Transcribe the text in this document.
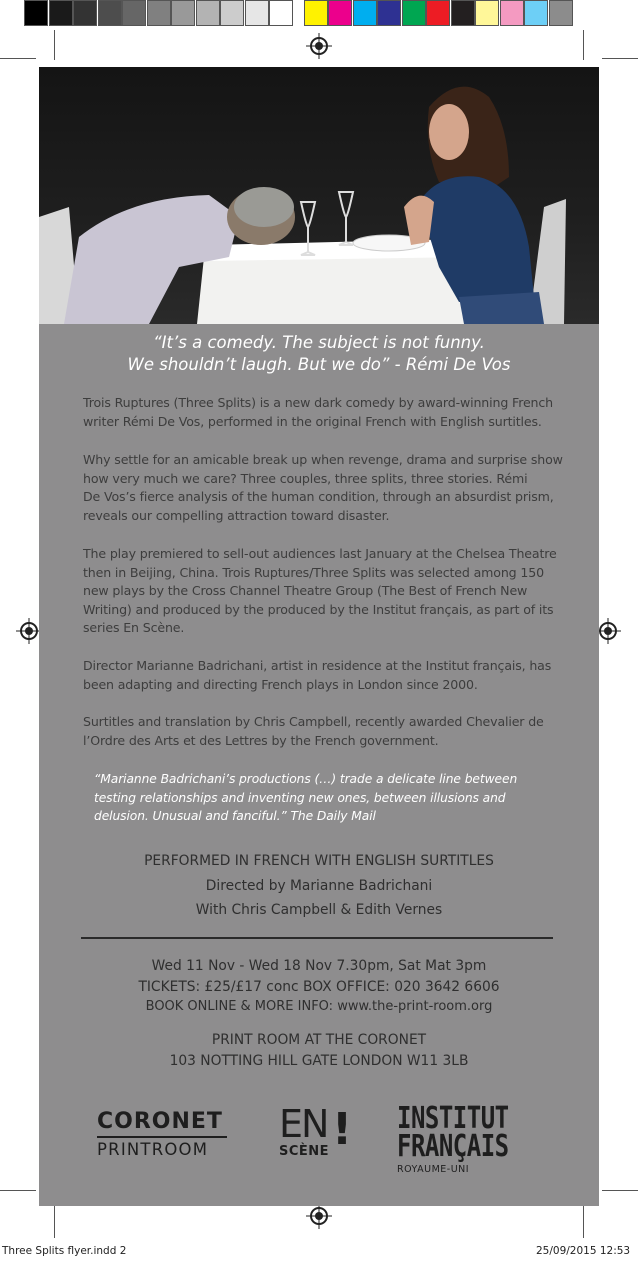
“It’s a comedy. The subject is not funny.
We shouldn’t laugh. But we do” - Rémi De Vos
Trois Ruptures (Three Splits) is a new dark comedy by award-winning French
writer Rémi De Vos, performed in the original French with English surtitles.
Why settle for an amicable break up when revenge, drama and surprise show
how very much we care? Three couples, three splits, three stories. Rémi
De Vos’s fierce analysis of the human condition, through an absurdist prism,
reveals our compelling attraction toward disaster.
The play premiered to sell-out audiences last January at the Chelsea Theatre
then in Beijing, China. Trois Ruptures/Three Splits was selected among 150
new plays by the Cross Channel Theatre Group (The Best of French New
Writing) and produced by the produced by the Institut français, as part of its
series En Scène.
Director Marianne Badrichani, artist in residence at the Institut français, has
been adapting and directing French plays in London since 2000.
Surtitles and translation by Chris Campbell, recently awarded Chevalier de
l’Ordre des Arts et des Lettres by the French government.
“Marianne Badrichani’s productions (…) trade a delicate line between
testing relationships and inventing new ones, between illusions and
delusion. Unusual and fanciful.” The Daily Mail
PERFORMED IN FRENCH WITH ENGLISH SURTITLES
Directed by Marianne Badrichani
With Chris Campbell & Edith Vernes
Wed 11 Nov - Wed 18 Nov 7.30pm, Sat Mat 3pm
TICKETS: £25/£17 conc BOX OFFICE: 020 3642 6606
BOOK ONLINE & MORE INFO: www.the-print-room.org
PRINT ROOM AT THE CORONET
103 NOTTING HILL GATE LONDON W11 3LB
CORONET
PRINTROOM
EN !
SCÈNE
INSTITUT
FRANÇAIS
ROYAUME-UNI
Three Splits flyer.indd 2	25/09/2015 12:53
